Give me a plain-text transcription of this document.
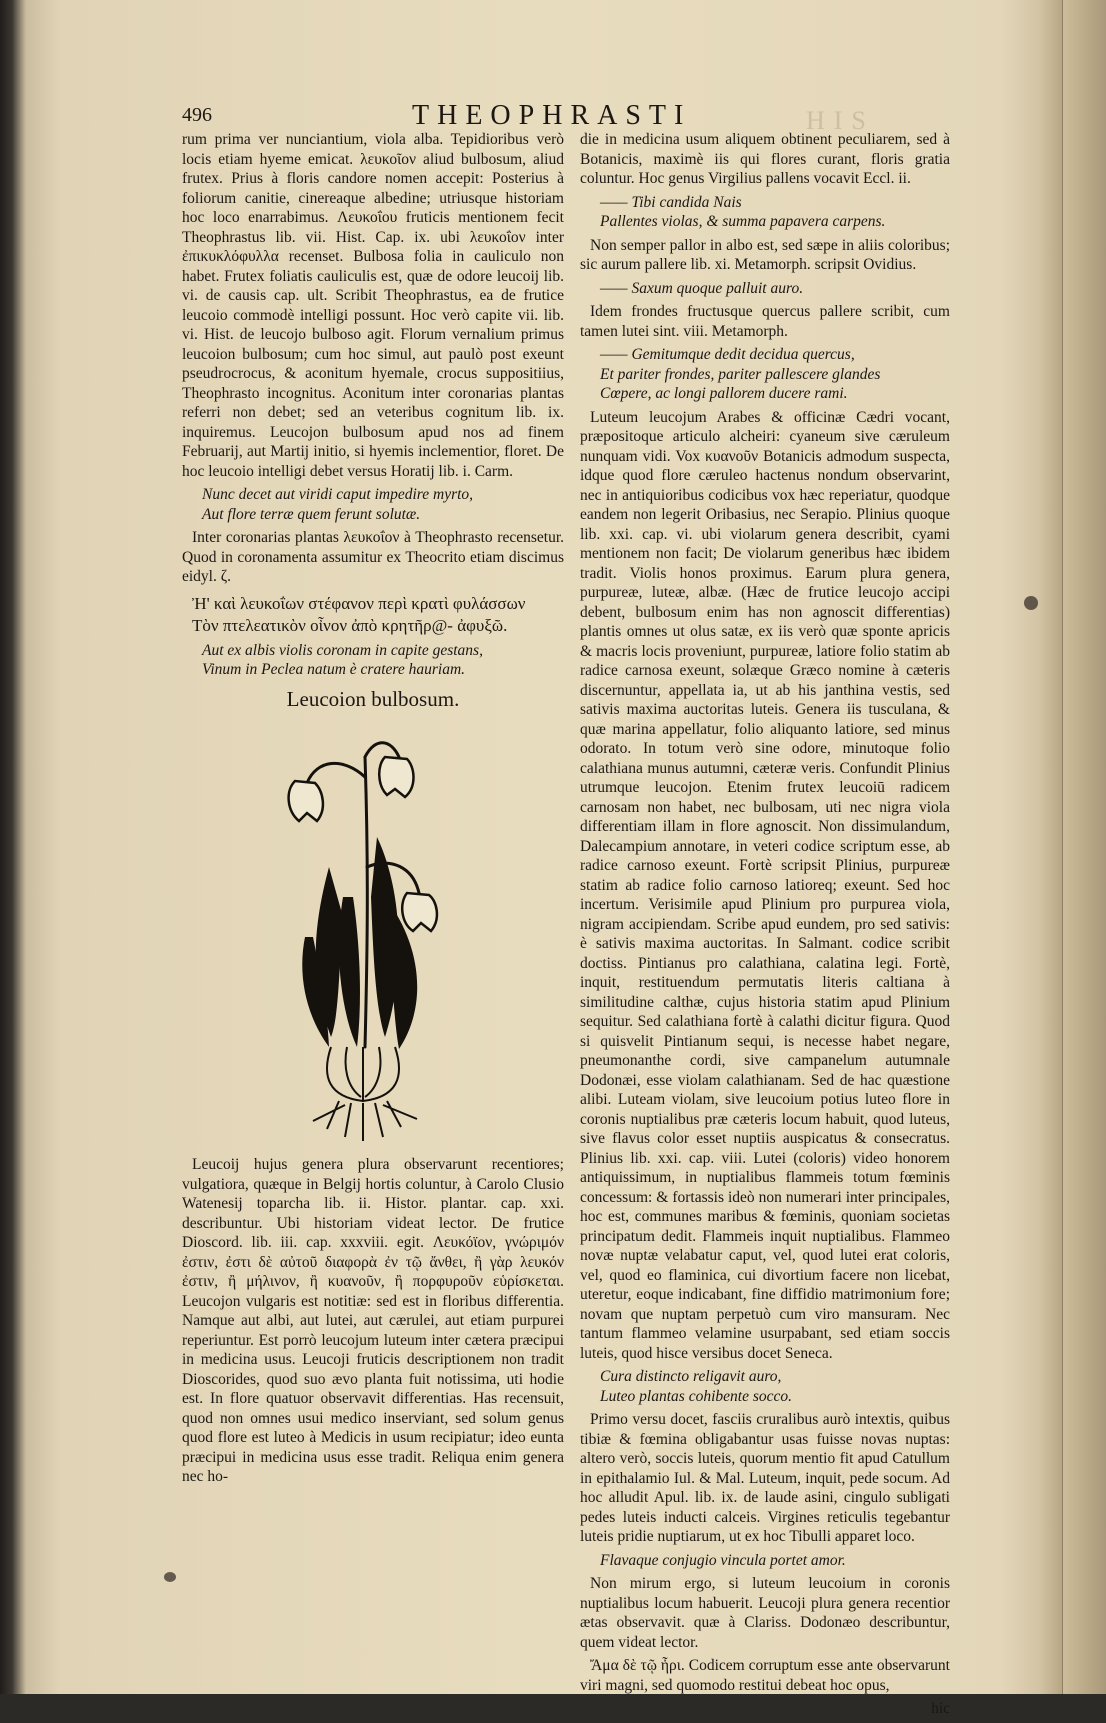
HIS
496	THEOPHRASTI

rum prima ver nunciantium, viola alba. Tepidioribus verò locis etiam hyeme emicat. λευκοῖον aliud bulbosum, aliud frutex. Prius à floris candore nomen accepit: Posterius à foliorum canitie, cinereaque albedine; utriusque historiam hoc loco enarrabimus. Λευκοΐου fruticis mentionem fecit Theophrastus lib. vii. Hist. Cap. ix. ubi λευκοΐον inter ἐπικυκλόφυλλα recenset. Bulbosa folia in cauliculo non habet. Frutex foliatis cauliculis est, quæ de odore leucoij lib. vi. de causis cap. ult. Scribit Theophrastus, ea de frutice leucoio commodè intelligi possunt. Hoc verò capite vii. lib. vi. Hist. de leucojo bulboso agit. Florum vernalium primus leucoion bulbosum; cum hoc simul, aut paulò post exeunt pseudrocrocus, & aconitum hyemale, crocus suppositiius, Theophrasto incognitus. Aconitum inter coronarias plantas referri non debet; sed an veteribus cognitum lib. ix. inquiremus. Leucojon bulbosum apud nos ad finem Februarij, aut Martij initio, si hyemis inclementior, floret. De hoc leucoio intelligi debet versus Horatij lib. i. Carm.

Nunc decet aut viridi caput impedire myrto,
Aut flore terræ quem ferunt solutæ.

Inter coronarias plantas λευκοΐον à Theophrasto recensetur. Quod in coronamenta assumitur ex Theocrito etiam discimus eidyl. ζ.

Ἠ' καὶ λευκοΐων στέφανον περὶ κρατὶ φυλάσσων
Τὸν πτελεατικὸν οἶνον ἀπὸ κρητῆρ@- ἀφυξῶ.
Aut ex albis violis coronam in capite gestans,
Vinum in Peclea natum è cratere hauriam.
Leucoion bulbosum.

Leucoij hujus genera plura observarunt recentiores; vulgatiora, quæque in Belgij hortis coluntur, à Carolo Clusio Watenesij toparcha lib. ii. Histor. plantar. cap. xxi. describuntur. Ubi historiam videat lector. De frutice Dioscord. lib. iii. cap. xxxviii. egit. Λευκόϊον, γνώριμόν ἐστιν, ἐστι δὲ αὐτοῦ διαφορὰ ἐν τῷ ἄνθει, ἢ γὰρ λευκόν ἐστιν, ἢ μήλινον, ἢ κυανοῦν, ἢ πορφυροῦν εὑρίσκεται. Leucojon vulgaris est notitiæ: sed est in floribus differentia. Namque aut albi, aut lutei, aut cærulei, aut etiam purpurei reperiuntur. Est porrò leucojum luteum inter cætera præcipui in medicina usus. Leucoji fruticis descriptionem non tradit Dioscorides, quod suo ævo planta fuit notissima, uti hodie est. In flore quatuor observavit differentias. Has recensuit, quod non omnes usui medico inserviant, sed solum genus quod flore est luteo à Medicis in usum recipiatur; ideo eunta præcipui in medicina usus esse tradit. Reliqua enim genera nec ho-

die in medicina usum aliquem obtinent peculiarem, sed à Botanicis, maximè iis qui flores curant, floris gratia coluntur. Hoc genus Virgilius pallens vocavit Eccl. ii.

—— Tibi candida Nais
Pallentes violas, & summa papavera carpens.

Non semper pallor in albo est, sed sæpe in aliis coloribus; sic aurum pallere lib. xi. Metamorph. scripsit Ovidius.

—— Saxum quoque palluit auro.

Idem frondes fructusque quercus pallere scribit, cum tamen lutei sint. viii. Metamorph.

—— Gemitumque dedit decidua quercus,
Et pariter frondes, pariter pallescere glandes
Cœpere, ac longi pallorem ducere rami.

Luteum leucojum Arabes & officinæ Cædri vocant, præpositoque articulo alcheiri: cyaneum sive cæruleum nunquam vidi. Vox κυανοῦν Botanicis admodum suspecta, idque quod flore cæruleo hactenus nondum observarint, nec in antiquioribus codicibus vox hæc reperiatur, quodque eandem non legerit Oribasius, nec Serapio. Plinius quoque lib. xxi. cap. vi. ubi violarum genera describit, cyami mentionem non facit; De violarum generibus hæc ibidem tradit. Violis honos proximus. Earum plura genera, purpureæ, luteæ, albæ. (Hæc de frutice leucojo accipi debent, bulbosum enim has non agnoscit differentias) plantis omnes ut olus satæ, ex iis verò quæ sponte apricis & macris locis proveniunt, purpureæ, latiore folio statim ab radice carnosa exeunt, solæque Græco nomine à cæteris discernuntur, appellata ia, ut ab his janthina vestis, sed sativis maxima auctoritas luteis. Genera iis tusculana, & quæ marina appellatur, folio aliquanto latiore, sed minus odorato. In totum verò sine odore, minutoque folio calathiana munus autumni, cæteræ veris. Confundit Plinius utrumque leucojon. Etenim frutex leucoiū radicem carnosam non habet, nec bulbosam, uti nec nigra viola differentiam illam in flore agnoscit. Non dissimulandum, Dalecampium annotare, in veteri codice scriptum esse, ab radice carnoso exeunt. Fortè scripsit Plinius, purpureæ statim ab radice folio carnoso latioreq; exeunt. Sed hoc incertum. Verisimile apud Plinium pro purpurea viola, nigram accipiendam. Scribe apud eundem, pro sed sativis: è sativis maxima auctoritas. In Salmant. codice scribit doctiss. Pintianus pro calathiana, calatina legi. Fortè, inquit, restituendum permutatis literis caltiana à similitudine calthæ, cujus historia statim apud Plinium sequitur. Sed calathiana fortè à calathi dicitur figura. Quod si quisvelit Pintianum sequi, is necesse habet negare, pneumonanthe cordi, sive campanelum autumnale Dodonæi, esse violam calathianam. Sed de hac quæstione alibi. Luteam violam, sive leucoium potius luteo flore in coronis nuptialibus præ cæteris locum habuit, quod luteus, sive flavus color esset nuptiis auspicatus & consecratus. Plinius lib. xxi. cap. viii. Lutei (coloris) video honorem antiquissimum, in nuptialibus flammeis totum fœminis concessum: & fortassis ideò non numerari inter principales, hoc est, communes maribus & fœminis, quoniam societas principatum dedit. Flammeis inquit nuptialibus. Flammeo novæ nuptæ velabatur caput, vel, quod lutei erat coloris, vel, quod eo flaminica, cui divortium facere non licebat, uteretur, eoque indicabant, fine diffidio matrimonium fore; novam que nuptam perpetuò cum viro mansuram. Nec tantum flammeo velamine usurpabant, sed etiam soccis luteis, quod hisce versibus docet Seneca.

Cura distincto religavit auro,
Luteo plantas cohibente socco.

Primo versu docet, fasciis cruralibus aurò intextis, quibus tibiæ & fœmina obligabantur usas fuisse novas nuptas: altero verò, soccis luteis, quorum mentio fit apud Catullum in epithalamio Iul. & Mal. Luteum, inquit, pede socum. Ad hoc alludit Apul. lib. ix. de laude asini, cingulo subligati pedes luteis inducti calceis. Virgines reticulis tegebantur luteis pridie nuptiarum, ut ex hoc Tibulli apparet loco.

Flavaque conjugio vincula portet amor.

Non mirum ergo, si luteum leucoium in coronis nuptialibus locum habuerit. Leucoji plura genera recentior ætas observavit. quæ à Clariss. Dodonæo describuntur, quem videat lector.

Ἄμα δὲ τῷ ἦρι. Codicem corruptum esse ante observarunt viri magni, sed quomodo restitui debeat hoc opus,

hic
